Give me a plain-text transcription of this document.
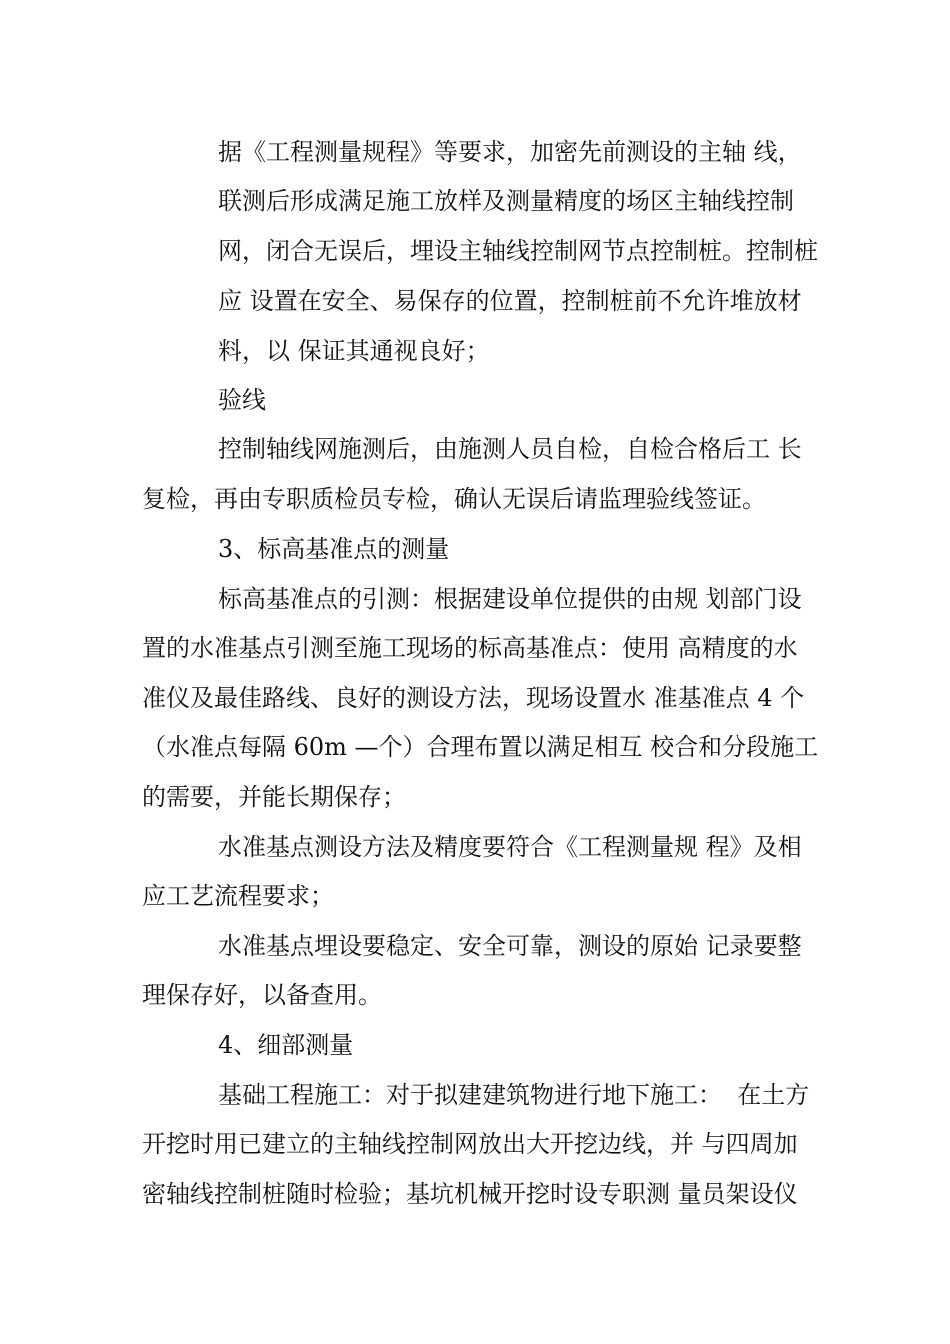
据《工程测量规程》等要求，加密先前测设的主轴 线，
联测后形成满足施工放样及测量精度的场区主轴线控制
网，闭合无误后，埋设主轴线控制网节点控制桩。控制桩
应 设置在安全、易保存的位置，控制桩前不允许堆放材
料，以 保证其通视良好；
验线
控制轴线网施测后，由施测人员自检，自检合格后工 长
复检，再由专职质检员专检，确认无误后请监理验线签证。
3、标高基准点的测量
标高基准点的引测：根据建设单位提供的由规 划部门设
置的水准基点引测至施工现场的标高基准点：使用 高精度的水
准仪及最佳路线、良好的测设方法，现场设置水 准基准点 4 个
（水准点每隔 60m —个）合理布置以满足相互 校合和分段施工
的需要，并能长期保存；
水准基点测设方法及精度要符合《工程测量规 程》及相
应工艺流程要求；
水准基点埋设要稳定、安全可靠，测设的原始 记录要整
理保存好，以备查用。
4、细部测量
基础工程施工：对于拟建建筑物进行地下施工：  在土方
开挖时用已建立的主轴线控制网放出大开挖边线，并 与四周加
密轴线控制桩随时检验；基坑机械开挖时设专职测 量员架设仪
